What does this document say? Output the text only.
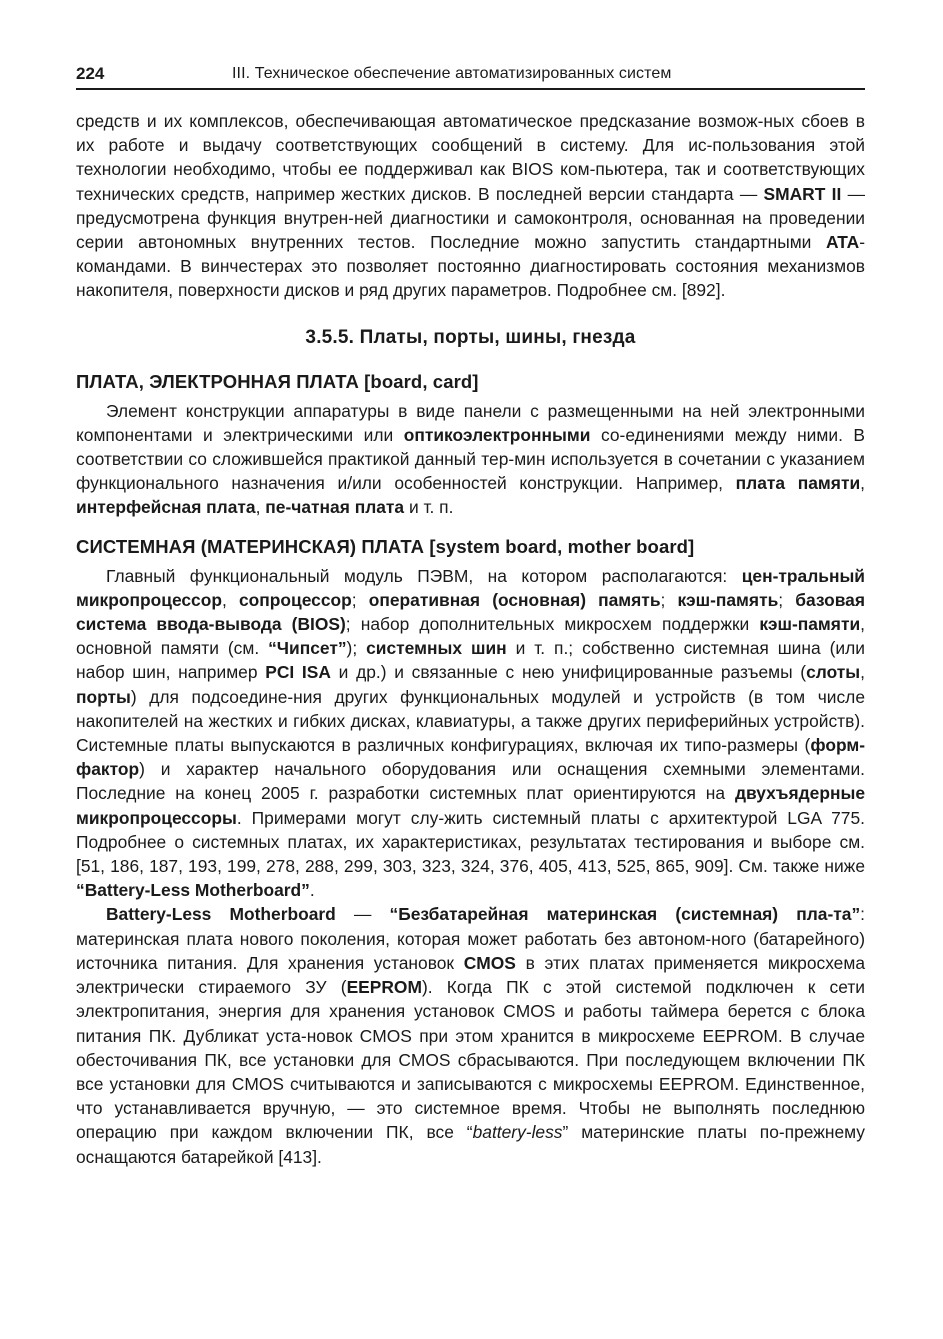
224	III. Техническое обеспечение автоматизированных систем

средств и их комплексов, обеспечивающая автоматическое предсказание возмож-ных сбоев в их работе и выдачу соответствующих сообщений в систему. Для ис-пользования этой технологии необходимо, чтобы ее поддерживал как BIOS ком-пьютера, так и соответствующих технических средств, например жестких дисков. В последней версии стандарта — SMART II — предусмотрена функция внутрен-ней диагностики и самоконтроля, основанная на проведении серии автономных внутренних тестов. Последние можно запустить стандартными ATA-командами. В винчестерах это позволяет постоянно диагностировать состояния механизмов накопителя, поверхности дисков и ряд других параметров. Подробнее см. [892].

3.5.5. Платы, порты, шины, гнезда
ПЛАТА, ЭЛЕКТРОННАЯ ПЛАТА [board, card]

Элемент конструкции аппаратуры в виде панели с размещенными на ней электронными компонентами и электрическими или оптикоэлектронными со-единениями между ними. В соответствии со сложившейся практикой данный тер-мин используется в сочетании с указанием функционального назначения и/или особенностей конструкции. Например, плата памяти, интерфейсная плата, пе-чатная плата и т. п.

СИСТЕМНАЯ (МАТЕРИНСКАЯ) ПЛАТА [system board, mother board]

Главный функциональный модуль ПЭВМ, на котором располагаются: цен-тральный микропроцессор, сопроцессор; оперативная (основная) память; кэш-память; базовая система ввода-вывода (BIOS); набор дополнительных микросхем поддержки кэш-памяти, основной памяти (см. “Чипсет”); системных шин и т. п.; собственно системная шина (или набор шин, например PCI ISA и др.) и связанные с нею унифицированные разъемы (слоты, порты) для подсоедине-ния других функциональных модулей и устройств (в том числе накопителей на жестких и гибких дисках, клавиатуры, а также других периферийных устройств). Системные платы выпускаются в различных конфигурациях, включая их типо-размеры (форм-фактор) и характер начального оборудования или оснащения схемными элементами. Последние на конец 2005 г. разработки системных плат ориентируются на двухъядерные микропроцессоры. Примерами могут слу-жить системный платы с архитектурой LGA 775. Подробнее о системных платах, их характеристиках, результатах тестирования и выборе см. [51, 186, 187, 193, 199, 278, 288, 299, 303, 323, 324, 376, 405, 413, 525, 865, 909]. См. также ниже “Battery-Less Motherboard”.

Battery-Less Motherboard — “Безбатарейная материнская (системная) пла-та”: материнская плата нового поколения, которая может работать без автоном-ного (батарейного) источника питания. Для хранения установок CMOS в этих платах применяется микросхема электрически стираемого ЗУ (EEPROM). Когда ПК с этой системой подключен к сети электропитания, энергия для хранения установок CMOS и работы таймера берется с блока питания ПК. Дубликат уста-новок CMOS при этом хранится в микросхеме EEPROM. В случае обесточивания ПК, все установки для CMOS сбрасываются. При последующем включении ПК все установки для CMOS считываются и записываются с микросхемы EEPROM. Единственное, что устанавливается вручную, — это системное время. Чтобы не выполнять последнюю операцию при каждом включении ПК, все “battery-less” материнские платы по-прежнему оснащаются батарейкой [413].
